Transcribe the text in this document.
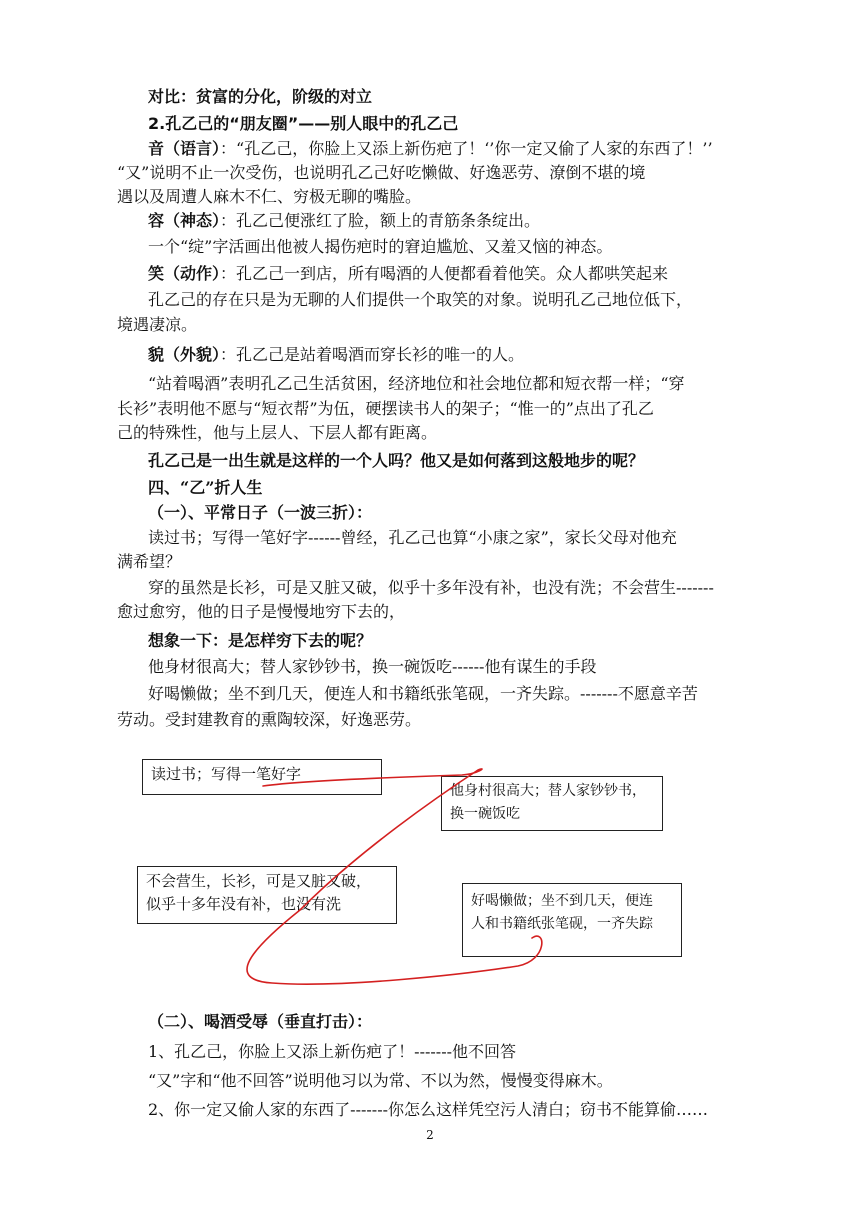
对比：贫富的分化，阶级的对立
2.孔乙己的“朋友圈”——别人眼中的孔乙己
音（语言）：“孔乙己，你脸上又添上新伤疤了！‘’你一定又偷了人家的东西了！’’
“又”说明不止一次受伤，也说明孔乙己好吃懒做、好逸恶劳、潦倒不堪的境
遇以及周遭人麻木不仁、穷极无聊的嘴脸。
容（神态）：孔乙己便涨红了脸，额上的青筋条条绽出。
一个“绽”字活画出他被人揭伤疤时的窘迫尴尬、又羞又恼的神态。
笑（动作）：孔乙己一到店，所有喝酒的人便都看着他笑。众人都哄笑起来
孔乙己的存在只是为无聊的人们提供一个取笑的对象。说明孔乙己地位低下，
境遇凄凉。
貌（外貌）：孔乙己是站着喝酒而穿长衫的唯一的人。
“站着喝酒”表明孔乙己生活贫困，经济地位和社会地位都和短衣帮一样；“穿
长衫”表明他不愿与“短衣帮”为伍，硬摆读书人的架子；“惟一的”点出了孔乙
己的特殊性，他与上层人、下层人都有距离。
孔乙己是一出生就是这样的一个人吗？他又是如何落到这般地步的呢？
四、“乙”折人生
（一）、平常日子（一波三折）：
读过书；写得一笔好字------曾经，孔乙己也算“小康之家”，家长父母对他充
满希望？
穿的虽然是长衫，可是又脏又破，似乎十多年没有补，也没有洗；不会营生-------
愈过愈穷，他的日子是慢慢地穷下去的，
想象一下：是怎样穷下去的呢？
他身材很高大；替人家钞钞书，换一碗饭吃------他有谋生的手段
好喝懒做；坐不到几天，便连人和书籍纸张笔砚，一齐失踪。-------不愿意辛苦
劳动。受封建教育的熏陶较深，好逸恶劳。
读过书；写得一笔好字
他身村很高大；替人家钞钞书，
换一碗饭吃
不会营生，长衫，可是又脏又破，
似乎十多年没有补，也没有洗	好喝懒做；坐不到几天，便连
人和书籍纸张笔砚，一齐失踪
（二）、喝酒受辱（垂直打击）：
1、孔乙己，你脸上又添上新伤疤了！-------他不回答
“又”字和“他不回答”说明他习以为常、不以为然，慢慢变得麻木。
2、你一定又偷人家的东西了-------你怎么这样凭空污人清白；窃书不能算偷……
2
